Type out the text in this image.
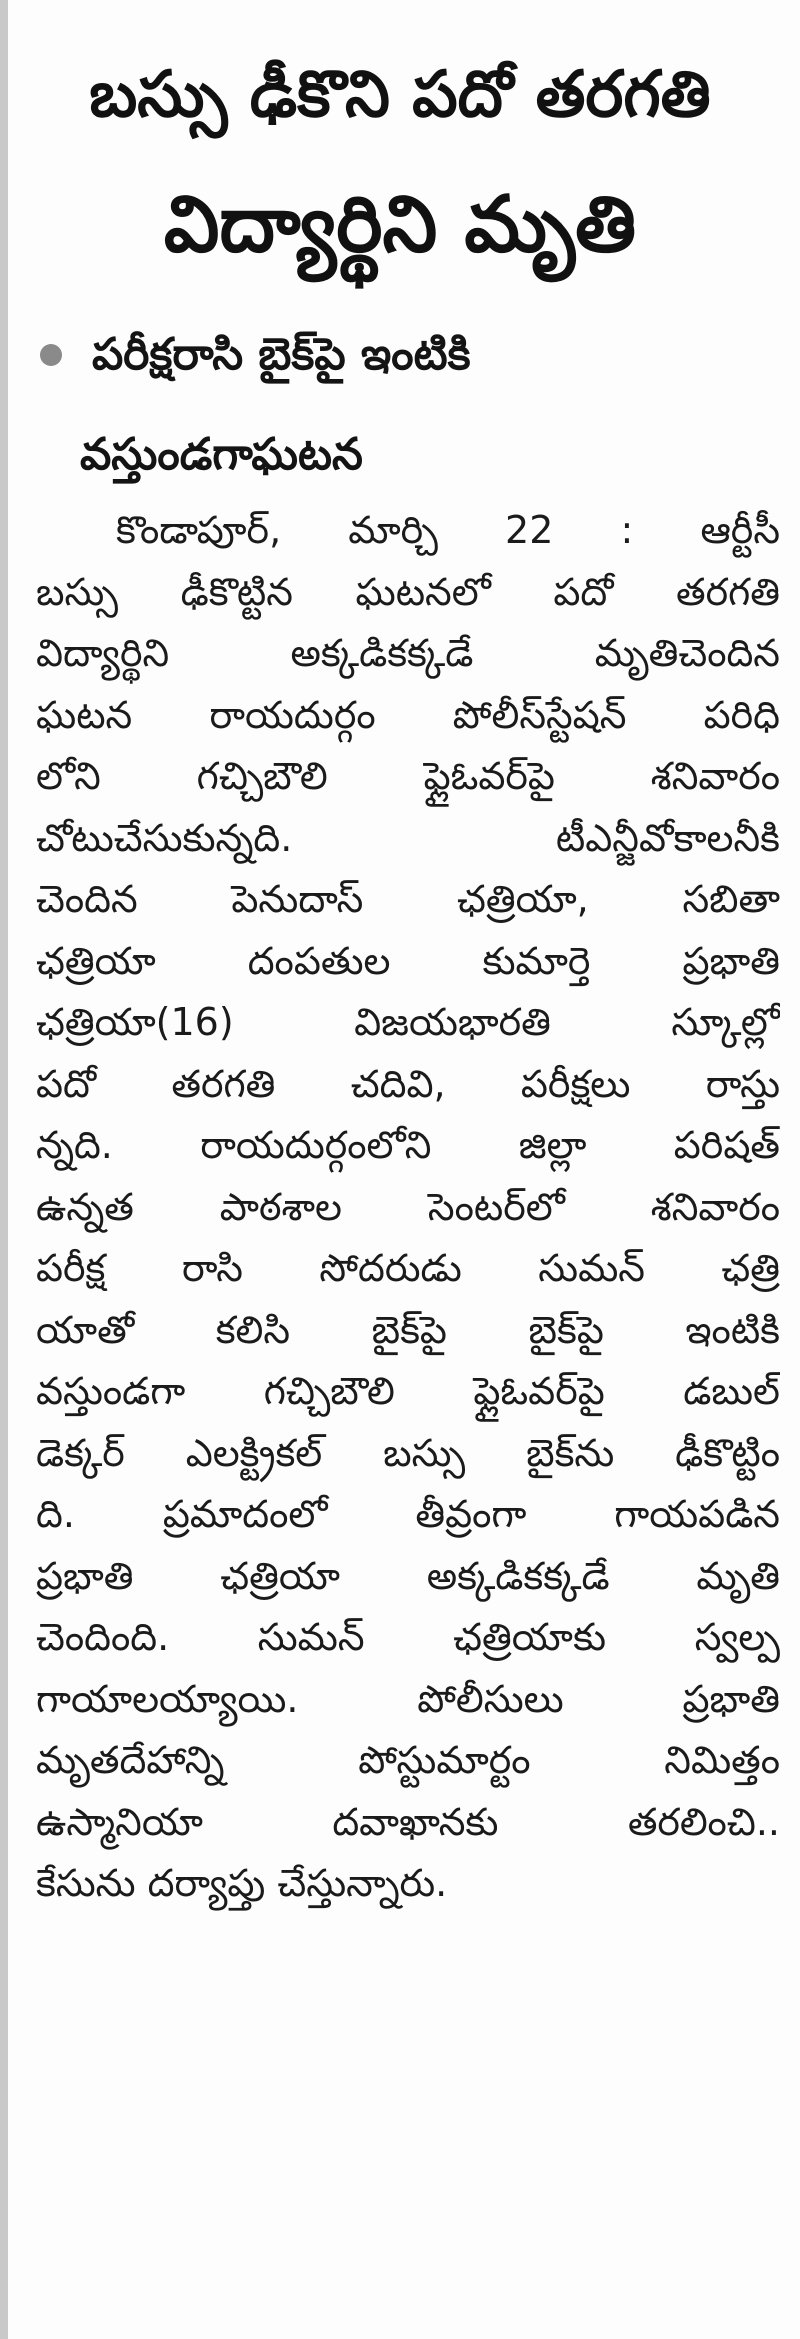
బస్సు ఢీకొని పదో తరగతి
విద్యార్థిని మృతి
పరీక్షరాసి బైక్‌పై ఇంటికి
వస్తుండగాఘటన
కొండాపూర్, మార్చి 22 : ఆర్టీసీ
బస్సు ఢీకొట్టిన ఘటనలో పదో తరగతి
విద్యార్థిని అక్కడికక్కడే మృతిచెందిన
ఘటన రాయదుర్గం పోలీస్‌స్టేషన్ పరిధి
లోని గచ్చిబౌలి ఫ్లైఓవర్‌పై శనివారం
చోటుచేసుకున్నది. టీఎన్జీవోకాలనీకి
చెందిన పెనుదాస్ ఛత్రియా, సబితా
ఛత్రియా దంపతుల కుమార్తె ప్రభాతి
ఛత్రియా(16) విజయభారతి స్కూల్లో
పదో తరగతి చదివి, పరీక్షలు రాస్తు
న్నది. రాయదుర్గంలోని జిల్లా పరిషత్
ఉన్నత పాఠశాల సెంటర్‌లో శనివారం
పరీక్ష రాసి సోదరుడు సుమన్ ఛత్రి
యాతో కలిసి బైక్‌పై బైక్‌పై ఇంటికి
వస్తుండగా గచ్చిబౌలి ఫ్లైఓవర్‌పై డబుల్
డెక్కర్ ఎలక్ట్రికల్ బస్సు బైక్‌ను ఢీకొట్టిం
ది. ప్రమాదంలో తీవ్రంగా గాయపడిన
ప్రభాతి ఛత్రియా అక్కడికక్కడే మృతి
చెందింది. సుమన్ ఛత్రియాకు స్వల్ప
గాయాలయ్యాయి. పోలీసులు ప్రభాతి
మృతదేహాన్ని పోస్టుమార్టం నిమిత్తం
ఉస్మానియా దవాఖానకు తరలించి..
కేసును దర్యాప్తు చేస్తున్నారు.
